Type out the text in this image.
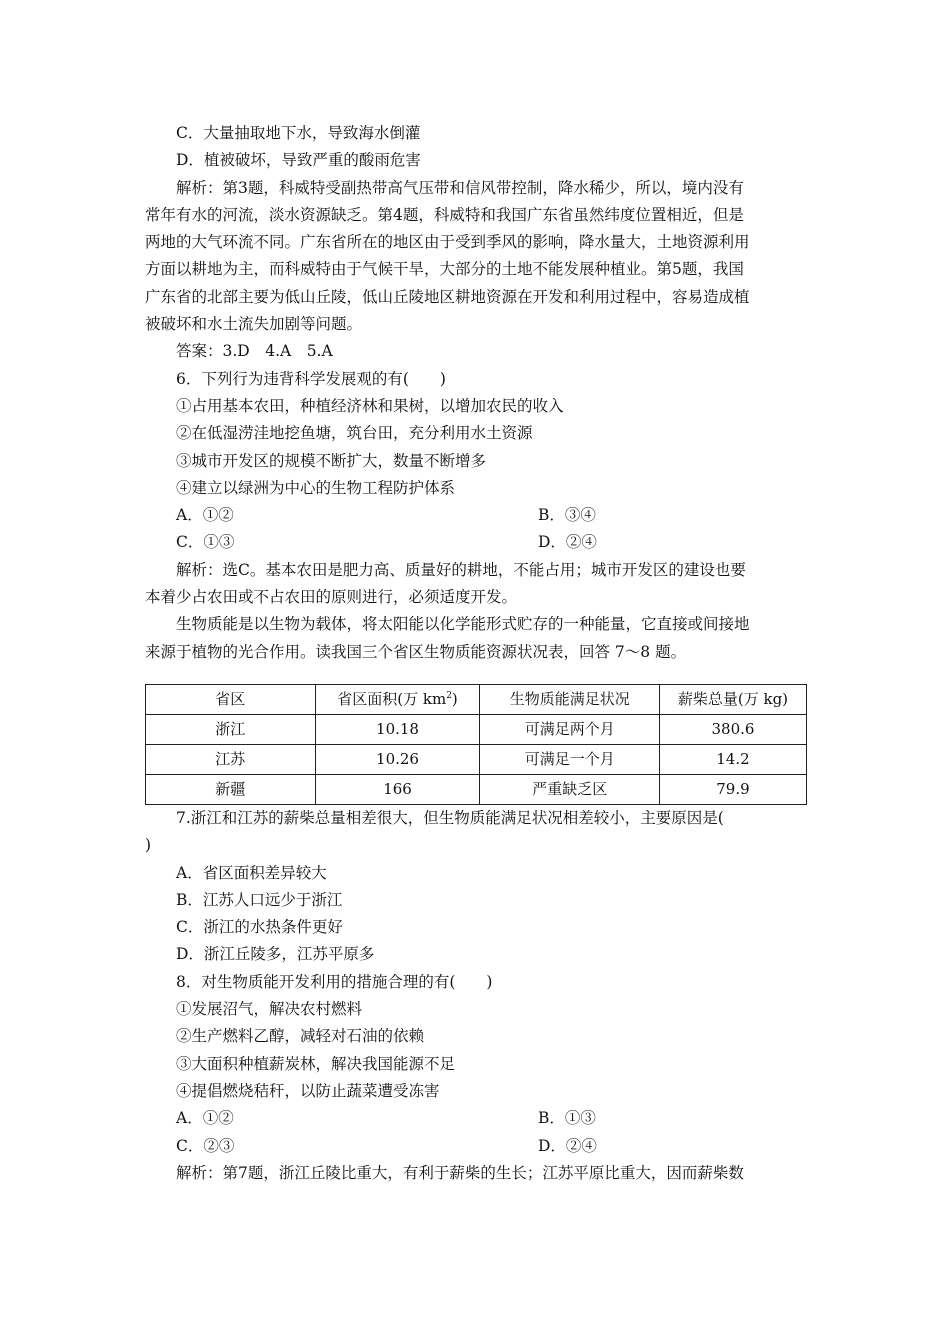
C．大量抽取地下水，导致海水倒灌
D．植被破坏，导致严重的酸雨危害
解析：第3题，科威特受副热带高气压带和信风带控制，降水稀少，所以，境内没有
常年有水的河流，淡水资源缺乏。第4题，科威特和我国广东省虽然纬度位置相近，但是
两地的大气环流不同。广东省所在的地区由于受到季风的影响，降水量大，土地资源利用
方面以耕地为主，而科威特由于气候干旱，大部分的土地不能发展种植业。第5题，我国
广东省的北部主要为低山丘陵，低山丘陵地区耕地资源在开发和利用过程中，容易造成植
被破坏和水土流失加剧等问题。
答案：3.D　4.A　5.A
6．下列行为违背科学发展观的有(　　)
①占用基本农田，种植经济林和果树，以增加农民的收入
②在低湿涝洼地挖鱼塘，筑台田，充分利用水土资源
③城市开发区的规模不断扩大，数量不断增多
④建立以绿洲为中心的生物工程防护体系
A．①②	B．③④
C．①③	D．②④
解析：选C。基本农田是肥力高、质量好的耕地，不能占用；城市开发区的建设也要
本着少占农田或不占农田的原则进行，必须适度开发。
生物质能是以生物为载体，将太阳能以化学能形式贮存的一种能量，它直接或间接地
来源于植物的光合作用。读我国三个省区生物质能资源状况表，回答 7～8 题。
省区	省区面积(万 $km^2$)	生物质能满足状况	薪柴总量(万 kg)
浙江	10.18	可满足两个月	380.6
江苏	10.26	可满足一个月	14.2
新疆	166	严重缺乏区	79.9
7.浙江和江苏的薪柴总量相差很大，但生物质能满足状况相差较小，主要原因是(
)
A．省区面积差异较大
B．江苏人口远少于浙江
C．浙江的水热条件更好
D．浙江丘陵多，江苏平原多
8．对生物质能开发利用的措施合理的有(　　)
①发展沼气，解决农村燃料
②生产燃料乙醇，减轻对石油的依赖
③大面积种植薪炭林，解决我国能源不足
④提倡燃烧秸秆，以防止蔬菜遭受冻害
A．①②	B．①③
C．②③	D．②④
解析：第7题，浙江丘陵比重大，有利于薪柴的生长；江苏平原比重大，因而薪柴数
